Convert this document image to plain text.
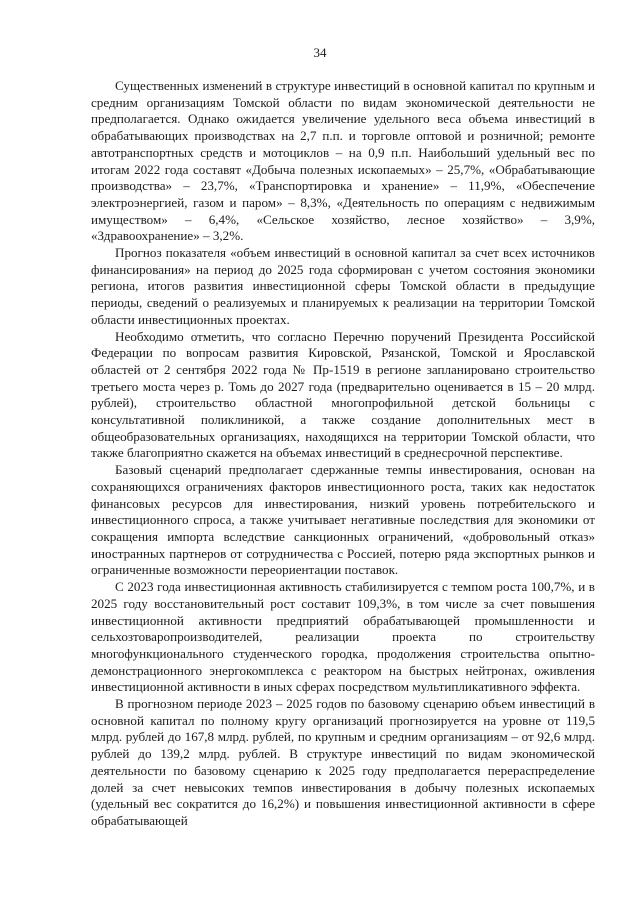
34

Существенных изменений в структуре инвестиций в основной капитал по крупным и средним организациям Томской области по видам экономической деятельности не предполагается. Однако ожидается увеличение удельного веса объема инвестиций в обрабатывающих производствах на 2,7 п.п. и торговле оптовой и розничной; ремонте автотранспортных средств и мотоциклов – на 0,9 п.п. Наибольший удельный вес по итогам 2022 года составят «Добыча полезных ископаемых» – 25,7%, «Обрабатывающие производства» – 23,7%, «Транспортировка и хранение» – 11,9%, «Обеспечение электроэнергией, газом и паром» – 8,3%, «Деятельность по операциям с недвижимым имуществом» – 6,4%, «Сельское хозяйство, лесное хозяйство» – 3,9%, «Здравоохранение» – 3,2%.

Прогноз показателя «объем инвестиций в основной капитал за счет всех источников финансирования» на период до 2025 года сформирован с учетом состояния экономики региона, итогов развития инвестиционной сферы Томской области в предыдущие периоды, сведений о реализуемых и планируемых к реализации на территории Томской области инвестиционных проектах.

Необходимо отметить, что согласно Перечню поручений Президента Российской Федерации по вопросам развития Кировской, Рязанской, Томской и Ярославской областей от 2 сентября 2022 года № Пр-1519 в регионе запланировано строительство третьего моста через р. Томь до 2027 года (предварительно оценивается в 15 – 20 млрд. рублей), строительство областной многопрофильной детской больницы с консультативной поликлиникой, а также создание дополнительных мест в общеобразовательных организациях, находящихся на территории Томской области, что также благоприятно скажется на объемах инвестиций в среднесрочной перспективе.

Базовый сценарий предполагает сдержанные темпы инвестирования, основан на сохраняющихся ограничениях факторов инвестиционного роста, таких как недостаток финансовых ресурсов для инвестирования, низкий уровень потребительского и инвестиционного спроса, а также учитывает негативные последствия для экономики от сокращения импорта вследствие санкционных ограничений, «добровольный отказ» иностранных партнеров от сотрудничества с Россией, потерю ряда экспортных рынков и ограниченные возможности переориентации поставок.

С 2023 года инвестиционная активность стабилизируется с темпом роста 100,7%, и в 2025 году восстановительный рост составит 109,3%, в том числе за счет повышения инвестиционной активности предприятий обрабатывающей промышленности и сельхозтоваропроизводителей, реализации проекта по строительству многофункционального студенческого городка, продолжения строительства опытно-демонстрационного энергокомплекса с реактором на быстрых нейтронах, оживления инвестиционной активности в иных сферах посредством мультипликативного эффекта.

В прогнозном периоде 2023 – 2025 годов по базовому сценарию объем инвестиций в основной капитал по полному кругу организаций прогнозируется на уровне от 119,5 млрд. рублей до 167,8 млрд. рублей, по крупным и средним организациям – от 92,6 млрд. рублей до 139,2 млрд. рублей. В структуре инвестиций по видам экономической деятельности по базовому сценарию к 2025 году предполагается перераспределение долей за счет невысоких темпов инвестирования в добычу полезных ископаемых (удельный вес сократится до 16,2%) и повышения инвестиционной активности в сфере обрабатывающей
